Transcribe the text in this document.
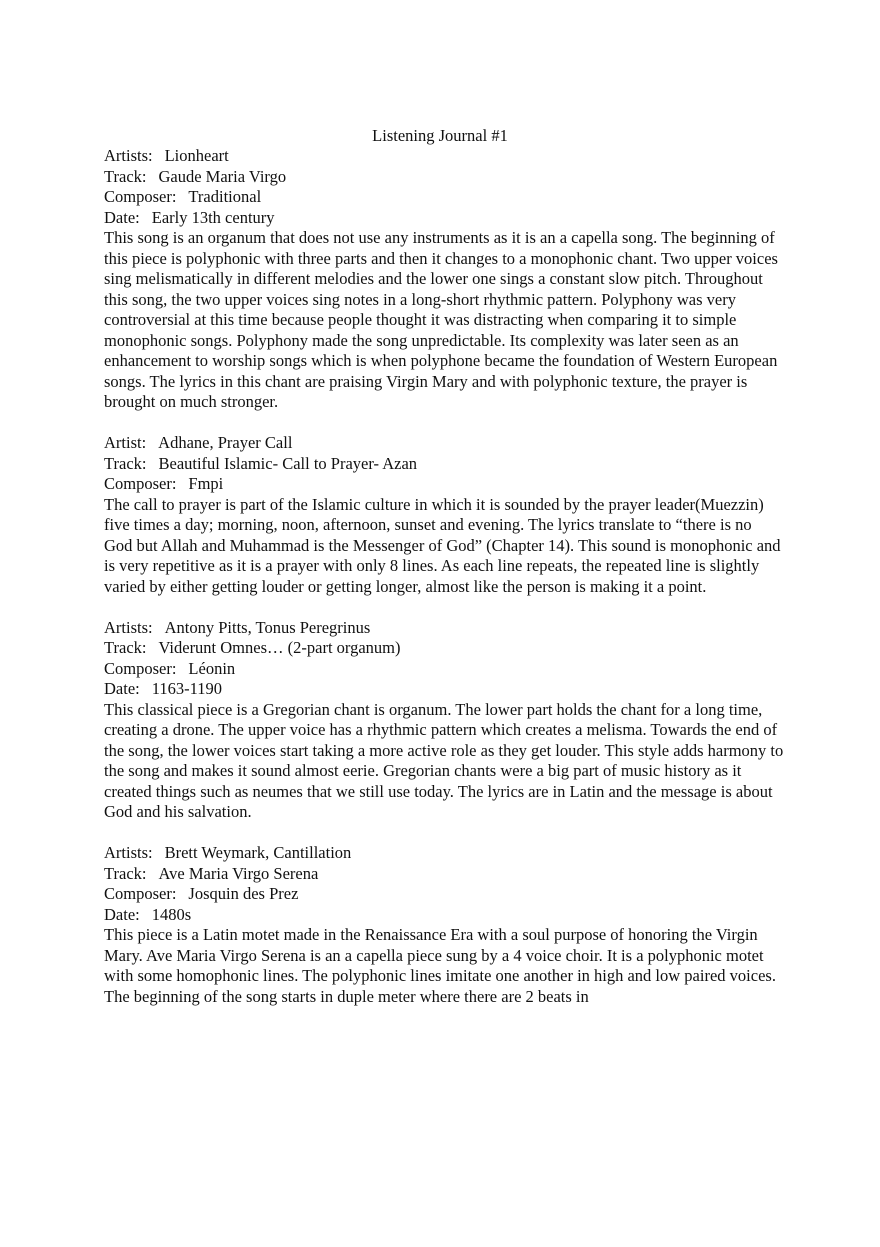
Listening Journal #1
Artists: Lionheart
Track: Gaude Maria Virgo
Composer: Traditional
Date: Early 13th century

This song is an organum that does not use any instruments as it is an a capella song. The beginning of this piece is polyphonic with three parts and then it changes to a monophonic chant. Two upper voices sing melismatically in different melodies and the lower one sings a constant slow pitch. Throughout this song, the two upper voices sing notes in a long-short rhythmic pattern. Polyphony was very controversial at this time because people thought it was distracting when comparing it to simple monophonic songs. Polyphony made the song unpredictable. Its complexity was later seen as an enhancement to worship songs which is when polyphone became the foundation of Western European songs. The lyrics in this chant are praising Virgin Mary and with polyphonic texture, the prayer is brought on much stronger.

Artist: Adhane, Prayer Call
Track: Beautiful Islamic- Call to Prayer- Azan
Composer: Fmpi

The call to prayer is part of the Islamic culture in which it is sounded by the prayer leader(Muezzin) five times a day; morning, noon, afternoon, sunset and evening. The lyrics translate to “there is no God but Allah and Muhammad is the Messenger of God” (Chapter 14). This sound is monophonic and is very repetitive as it is a prayer with only 8 lines. As each line repeats, the repeated line is slightly varied by either getting louder or getting longer, almost like the person is making it a point.

Artists: Antony Pitts, Tonus Peregrinus
Track: Viderunt Omnes… (2-part organum)
Composer: Léonin
Date: 1163-1190

This classical piece is a Gregorian chant is organum. The lower part holds the chant for a long time, creating a drone. The upper voice has a rhythmic pattern which creates a melisma. Towards the end of the song, the lower voices start taking a more active role as they get louder. This style adds harmony to the song and makes it sound almost eerie. Gregorian chants were a big part of music history as it created things such as neumes that we still use today. The lyrics are in Latin and the message is about God and his salvation.

Artists: Brett Weymark, Cantillation
Track: Ave Maria Virgo Serena
Composer: Josquin des Prez
Date: 1480s

This piece is a Latin motet made in the Renaissance Era with a soul purpose of honoring the Virgin Mary. Ave Maria Virgo Serena is an a capella piece sung by a 4 voice choir. It is a polyphonic motet with some homophonic lines. The polyphonic lines imitate one another in high and low paired voices. The beginning of the song starts in duple meter where there are 2 beats in
